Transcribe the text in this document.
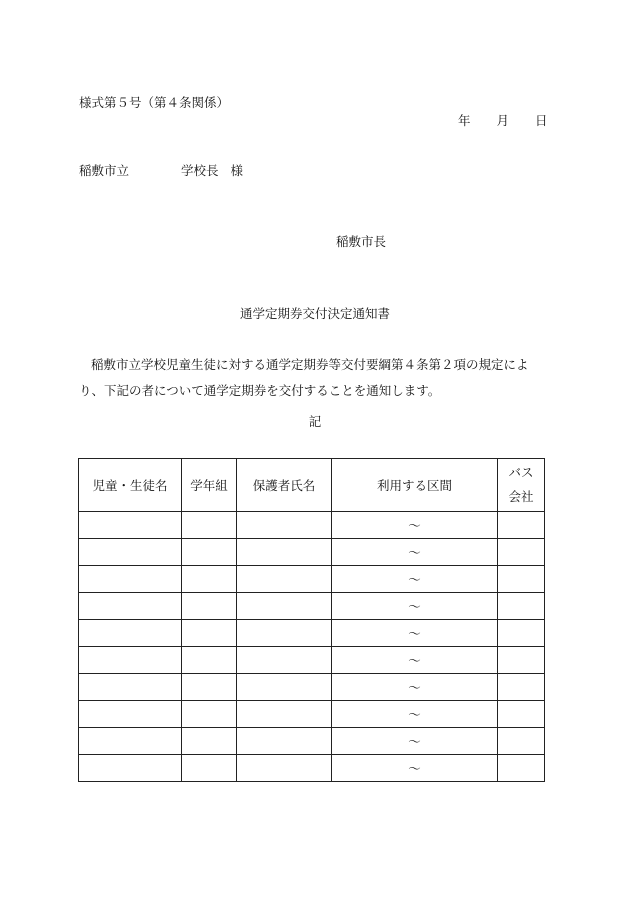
様式第５号（第４条関係）
年 月 日
稲敷市立	学校長 様
稲敷市長
通学定期券交付決定通知書
稲敷市立学校児童生徒に対する通学定期券等交付要綱第４条第２項の規定により、下記の者について通学定期券を交付することを通知します。
記
児童・生徒名	学年組	保護者氏名	利用する区間	バス
会社
			～	
			～	
			～	
			～	
			～	
			～	
			～	
			～	
			～	
			～	
